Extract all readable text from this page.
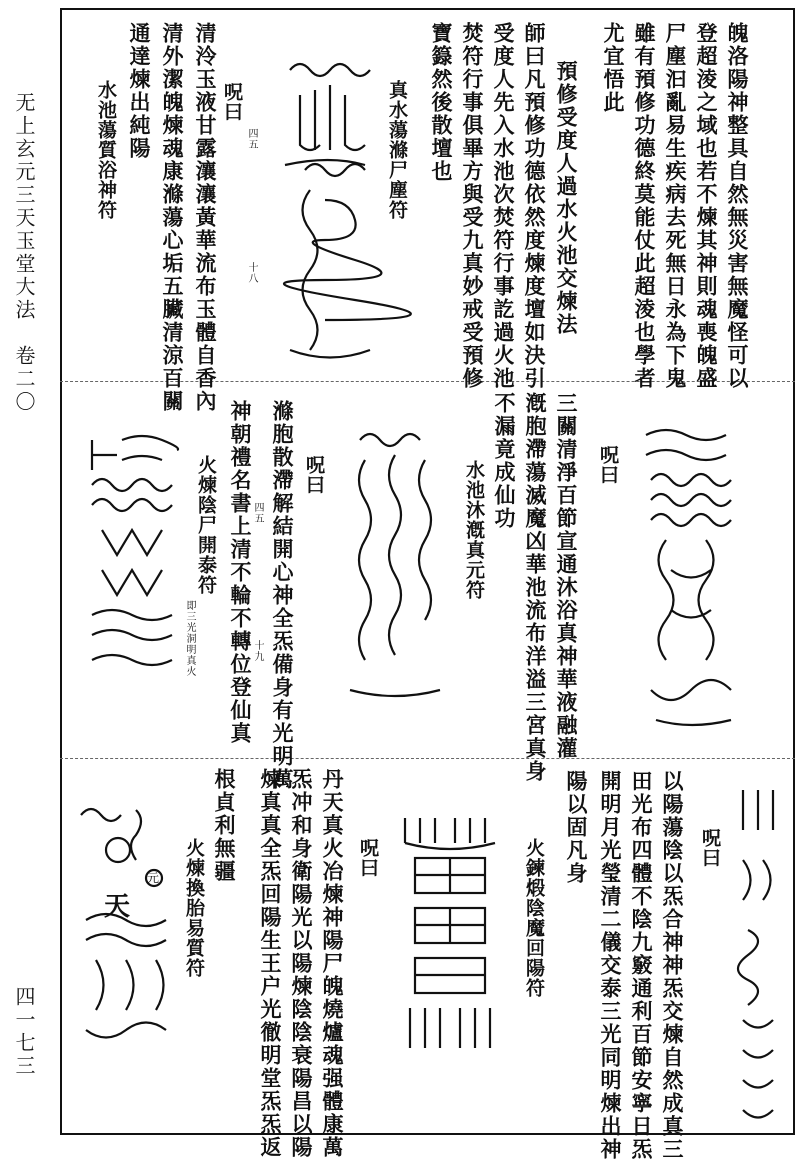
无上玄元三天玉堂大法　卷二〇
四一七三
魄洛陽神整具自然無災害無魔怪可以
登超淩之域也若不煉其神則魂喪魄盛
尸塵汩亂易生疾病去死無日永為下鬼
雖有預修功德終莫能仗此超淩也學者
尤宜悟此
預修受度人過水火池交煉法
師曰凡預修功德依然度煉度壇如決引
受度人先入水池次焚符行事訖過火池
焚符行事俱畢方與受九真妙戒受預修
寶籙然後散壇也
真水蕩滌尸塵符
四五
十八
呪曰
清泠玉液甘露瀼瀼黃華流布玉體自香內
清外潔魄煉魂康滌蕩心垢五臟清涼百關
通達煉出純陽
水池蕩質浴神符
呪曰
三關清淨百節宣通沐浴真神華液融灌
漑胞滯蕩滅魔凶華池流布洋溢三宮真身
不漏竟成仙功
水池沐漑真元符
呪曰
四五
十九 滌胞散滯解結開心神全炁備身有光明萬
神朝禮名書上清不輪不轉位登仙真
火煉陰尸開泰符
即三光洞明真火
呪曰
以陽蕩陰以炁合神神炁交煉自然成真三
田光布四體不陰九竅通利百節安寧日炁
開明月光瑩清二儀交泰三光同明煉出神
陽以固凡身
火鍊煅陰魔回陽符
呪曰
丹天真火冶煉神陽尸魄燒爐魂强體康萬
炁冲和身衛陽光以陽煉陰陰衰陽昌以陽
煉真真全炁回陽生王户光徹明堂炁炁返
根貞利無疆
火煉換胎易質符
天
元
